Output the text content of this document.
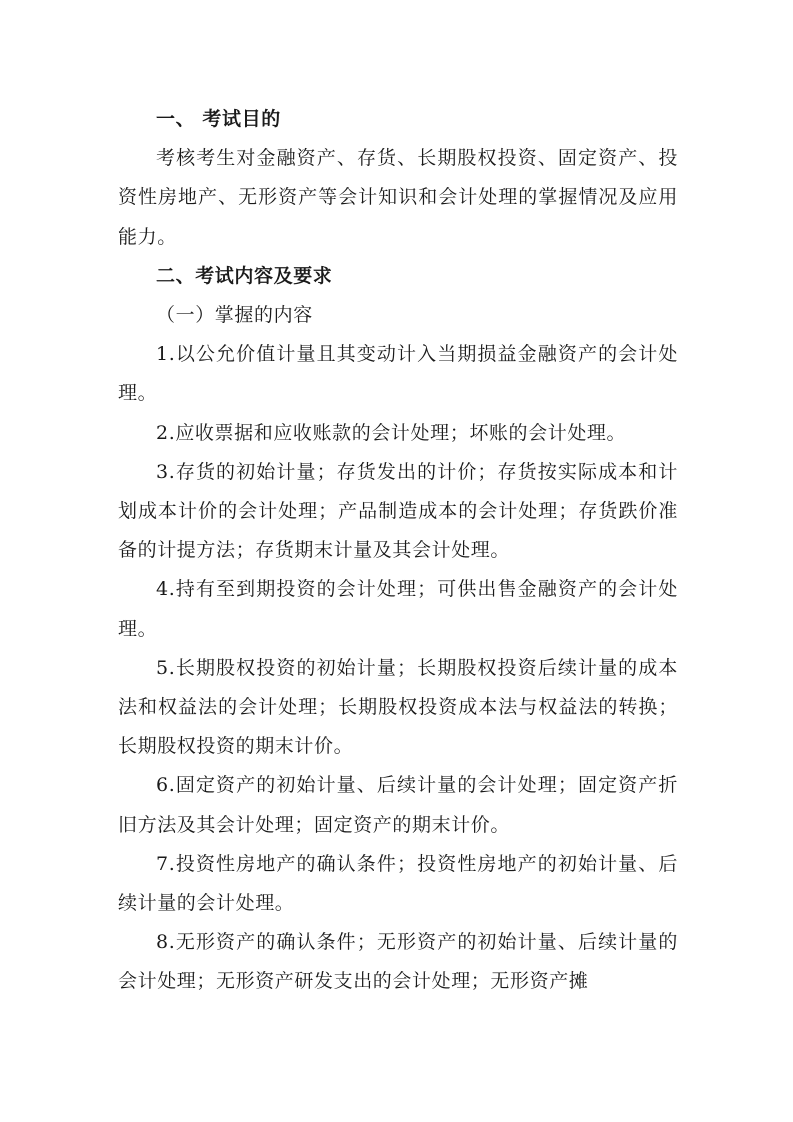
一、 考试目的

考核考生对金融资产、存货、长期股权投资、固定资产、投资性房地产、无形资产等会计知识和会计处理的掌握情况及应用能力。

二、考试内容及要求

（一）掌握的内容

1.以公允价值计量且其变动计入当期损益金融资产的会计处理。

2.应收票据和应收账款的会计处理；坏账的会计处理。

3.存货的初始计量；存货发出的计价；存货按实际成本和计划成本计价的会计处理；产品制造成本的会计处理；存货跌价准备的计提方法；存货期末计量及其会计处理。

4.持有至到期投资的会计处理；可供出售金融资产的会计处理。

5.长期股权投资的初始计量；长期股权投资后续计量的成本法和权益法的会计处理；长期股权投资成本法与权益法的转换；长期股权投资的期末计价。

6.固定资产的初始计量、后续计量的会计处理；固定资产折旧方法及其会计处理；固定资产的期末计价。

7.投资性房地产的确认条件；投资性房地产的初始计量、后续计量的会计处理。

8.无形资产的确认条件；无形资产的初始计量、后续计量的会计处理；无形资产研发支出的会计处理；无形资产摊
